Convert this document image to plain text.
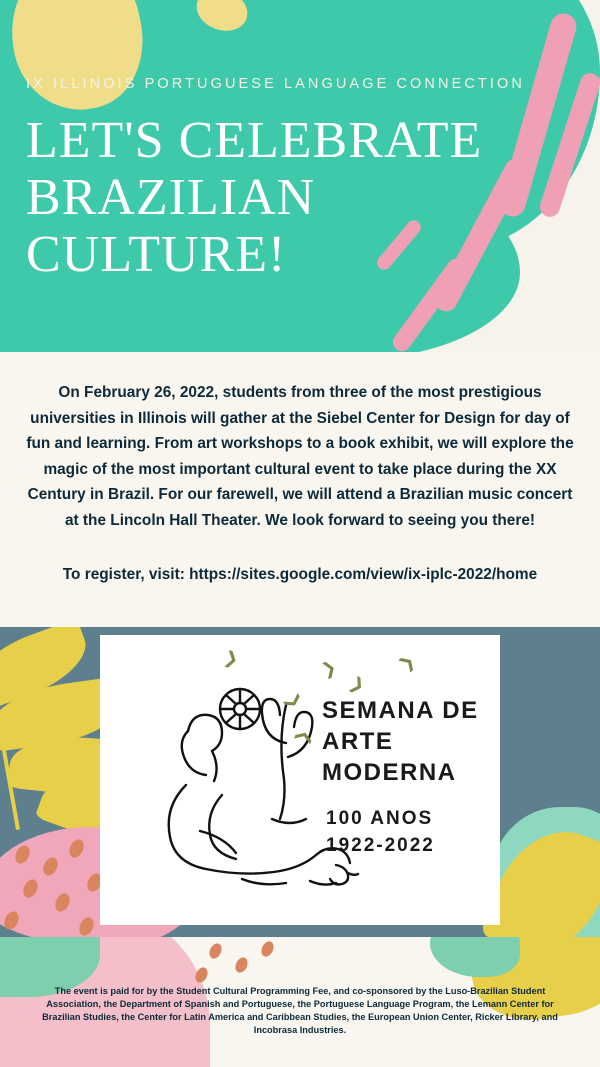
IX ILLINOIS PORTUGUESE LANGUAGE CONNECTION
LET'S CELEBRATE BRAZILIAN CULTURE!
On February 26, 2022, students from three of the most prestigious universities in Illinois will gather at the Siebel Center for Design for day of fun and learning. From art workshops to a book exhibit, we will explore the magic of the most important cultural event to take place during the XX Century in Brazil. For our farewell, we will attend a Brazilian music concert at the Lincoln Hall Theater. We look forward to seeing you there!
To register, visit: https://sites.google.com/view/ix-iplc-2022/home
SEMANA DE ARTE MODERNA
100 ANOS
1922-2022
❯
❯
❯
❯
❯
❯
The event is paid for by the Student Cultural Programming Fee, and co-sponsored by the Luso-Brazilian Student Association, the Department of Spanish and Portuguese, the Portuguese Language Program, the Lemann Center for Brazilian Studies, the Center for Latin America and Caribbean Studies, the European Union Center, Ricker Library, and Incobrasa Industries.
